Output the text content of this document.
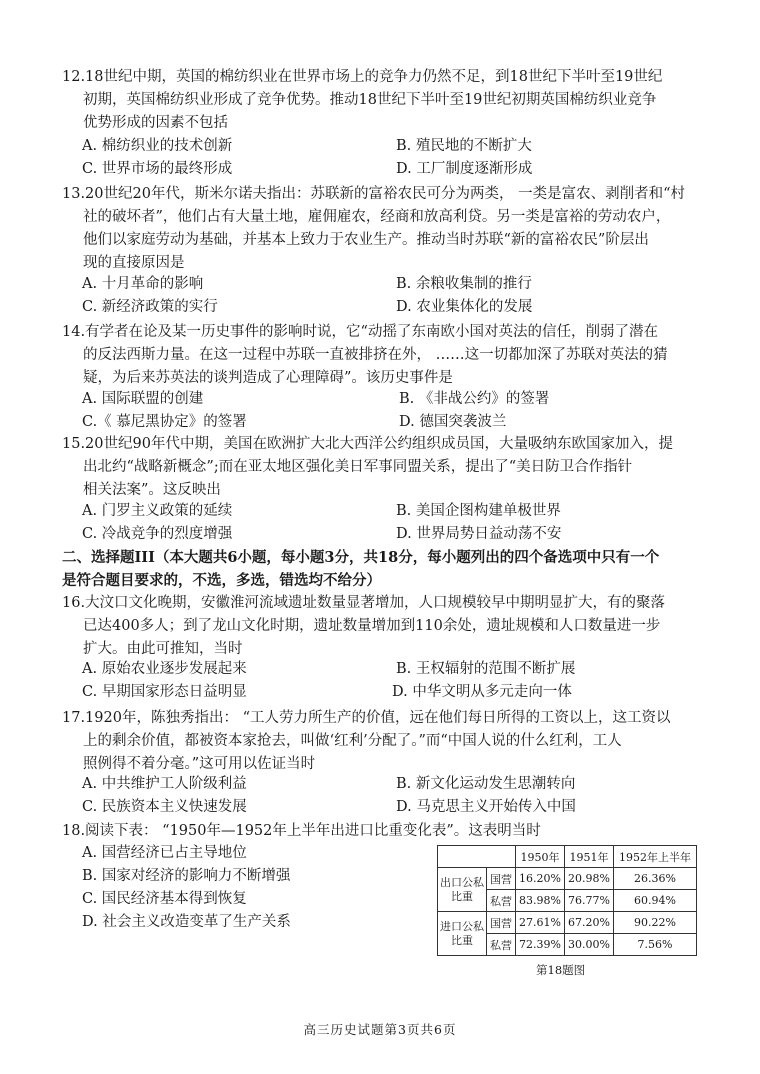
12.18世纪中期，英国的棉纺织业在世界市场上的竞争力仍然不足，到18世纪下半叶至19世纪
初期，英国棉纺织业形成了竞争优势。推动18世纪下半叶至19世纪初期英国棉纺织业竞争
优势形成的因素不包括
A. 棉纺织业的技术创新	B. 殖民地的不断扩大
C. 世界市场的最终形成	D. 工厂制度逐渐形成
13.20世纪20年代，斯米尔诺夫指出：苏联新的富裕农民可分为两类， 一类是富农、剥削者和“村
社的破坏者”，他们占有大量土地，雇佣雇农，经商和放高利贷。另一类是富裕的劳动农户，
他们以家庭劳动为基础，并基本上致力于农业生产。推动当时苏联“新的富裕农民”阶层出
现的直接原因是
A. 十月革命的影响	B. 余粮收集制的推行
C. 新经济政策的实行	D. 农业集体化的发展
14.有学者在论及某一历史事件的影响时说，它“动摇了东南欧小国对英法的信任，削弱了潜在
的反法西斯力量。在这一过程中苏联一直被排挤在外， ……这一切都加深了苏联对英法的猜
疑，为后来苏英法的谈判造成了心理障碍”。该历史事件是
A. 国际联盟的创建	B. 《非战公约》的签署
C.《 慕尼黑协定》的签署	D. 德国突袭波兰
15.20世纪90年代中期，美国在欧洲扩大北大西洋公约组织成员国，大量吸纳东欧国家加入，提
出北约“战略新概念”;而在亚太地区强化美日军事同盟关系，提出了“美日防卫合作指针
相关法案”。这反映出
A. 门罗主义政策的延续	B. 美国企图构建单极世界
C. 冷战竞争的烈度增强	D. 世界局势日益动荡不安
二、选择题III（本大题共6小题，每小题3分，共18分，每小题列出的四个备选项中只有一个
是符合题目要求的，不选，多选，错选均不给分）
16.大汶口文化晚期，安徽淮河流域遗址数量显著增加，人口规模较早中期明显扩大，有的聚落
已达400多人；到了龙山文化时期，遗址数量增加到110余处，遗址规模和人口数量进一步
扩大。由此可推知，当时
A. 原始农业逐步发展起来	B. 王权辐射的范围不断扩展
C. 早期国家形态日益明显	D. 中华文明从多元走向一体
17.1920年，陈独秀指出： “工人劳力所生产的价值，远在他们每日所得的工资以上，这工资以
上的剩余价值，都被资本家抢去，叫做‘红利’分配了。”而“中国人说的什么红利，工人
照例得不着分毫。”这可用以佐证当时
A. 中共维护工人阶级利益	B. 新文化运动发生思潮转向
C. 民族资本主义快速发展	D. 马克思主义开始传入中国
18.阅读下表： “1950年—1952年上半年出进口比重变化表”。这表明当时
A. 国营经济已占主导地位
B. 国家对经济的影响力不断增强
C. 国民经济基本得到恢复
D. 社会主义改造变革了生产关系
		1950年	1951年	1952年上半年

出口公私
比重	国营	16.20%	20.98%	26.36%
	私营	83.98%	76.77%	60.94%

进口公私
比重	国营	27.61%	67.20%	90.22%
	私营	72.39%	30.00%	7.56%
第18题图
高三历史试题第3页共6页
